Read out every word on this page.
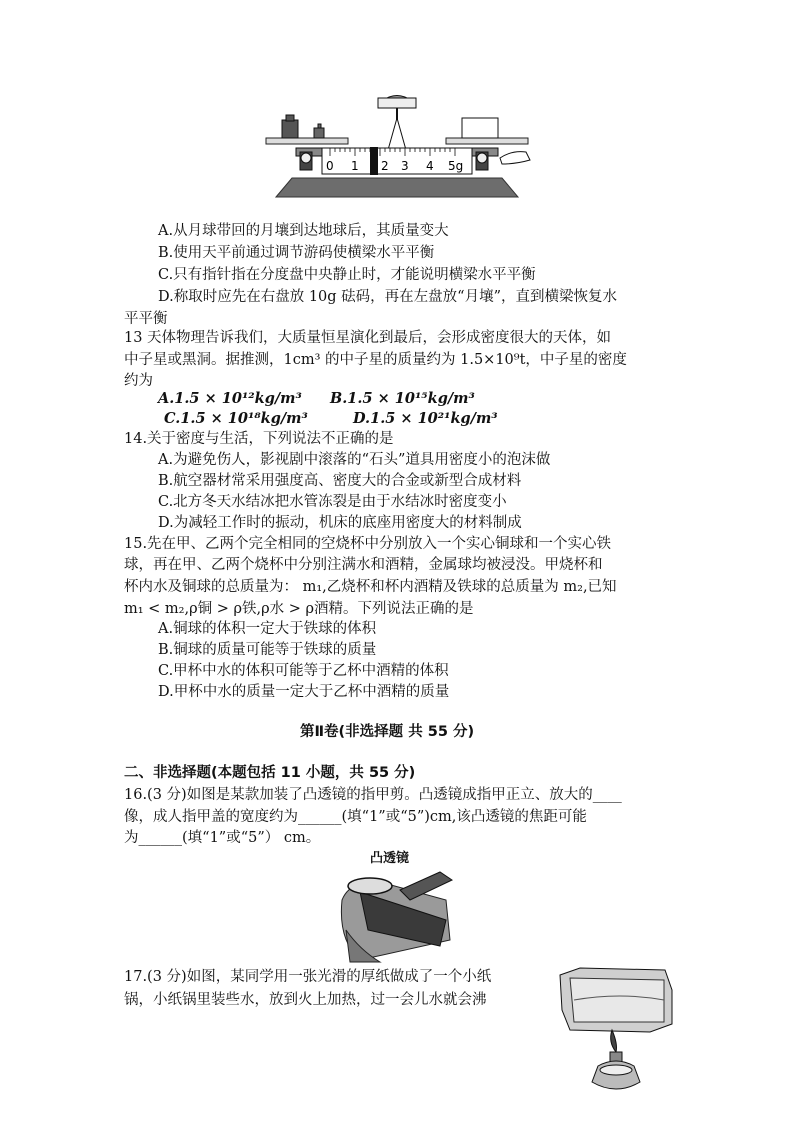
0 1 2 3 4 5g
A.从月球带回的月壤到达地球后，其质量变大
B.使用天平前通过调节游码使横梁水平平衡
C.只有指针指在分度盘中央静止时，才能说明横梁水平平衡
D.称取时应先在右盘放 10g 砝码，再在左盘放“月壤”，直到横梁恢复水
平平衡
13 天体物理告诉我们，大质量恒星演化到最后，会形成密度很大的天体，如
中子星或黑洞。据推测，1cm³ 的中子星的质量约为 1.5×10⁹t，中子星的密度
约为
A.1.5 × 10¹²kg/m³ B.1.5 × 10¹⁵kg/m³
C.1.5 × 10¹⁸kg/m³	D.1.5 × 10²¹kg/m³
14.关于密度与生活，下列说法不正确的是
A.为避免伤人，影视剧中滚落的“石头”道具用密度小的泡沫做
B.航空器材常采用强度高、密度大的合金或新型合成材料
C.北方冬天水结冰把水管冻裂是由于水结冰时密度变小
D.为减轻工作时的振动，机床的底座用密度大的材料制成
15.先在甲、乙两个完全相同的空烧杯中分别放入一个实心铜球和一个实心铁
球，再在甲、乙两个烧杯中分别注满水和酒精，金属球均被浸没。甲烧杯和
杯内水及铜球的总质量为： m₁,乙烧杯和杯内酒精及铁球的总质量为 m₂,已知
m₁ < m₂,ρ铜 > ρ铁,ρ水 > ρ酒精。下列说法正确的是
A.铜球的体积一定大于铁球的体积
B.铜球的质量可能等于铁球的质量
C.甲杯中水的体积可能等于乙杯中酒精的体积
D.甲杯中水的质量一定大于乙杯中酒精的质量
第Ⅱ卷(非选择题 共 55 分)
二、非选择题(本题包括 11 小题，共 55 分)
16.(3 分)如图是某款加装了凸透镜的指甲剪。凸透镜成指甲正立、放大的____
像，成人指甲盖的宽度约为______(填“1”或“5”)cm,该凸透镜的焦距可能
为______(填“1”或“5”） cm。
凸透镜
17.(3 分)如图，某同学用一张光滑的厚纸做成了一个小纸
锅，小纸锅里装些水，放到火上加热，过一会儿水就会沸
